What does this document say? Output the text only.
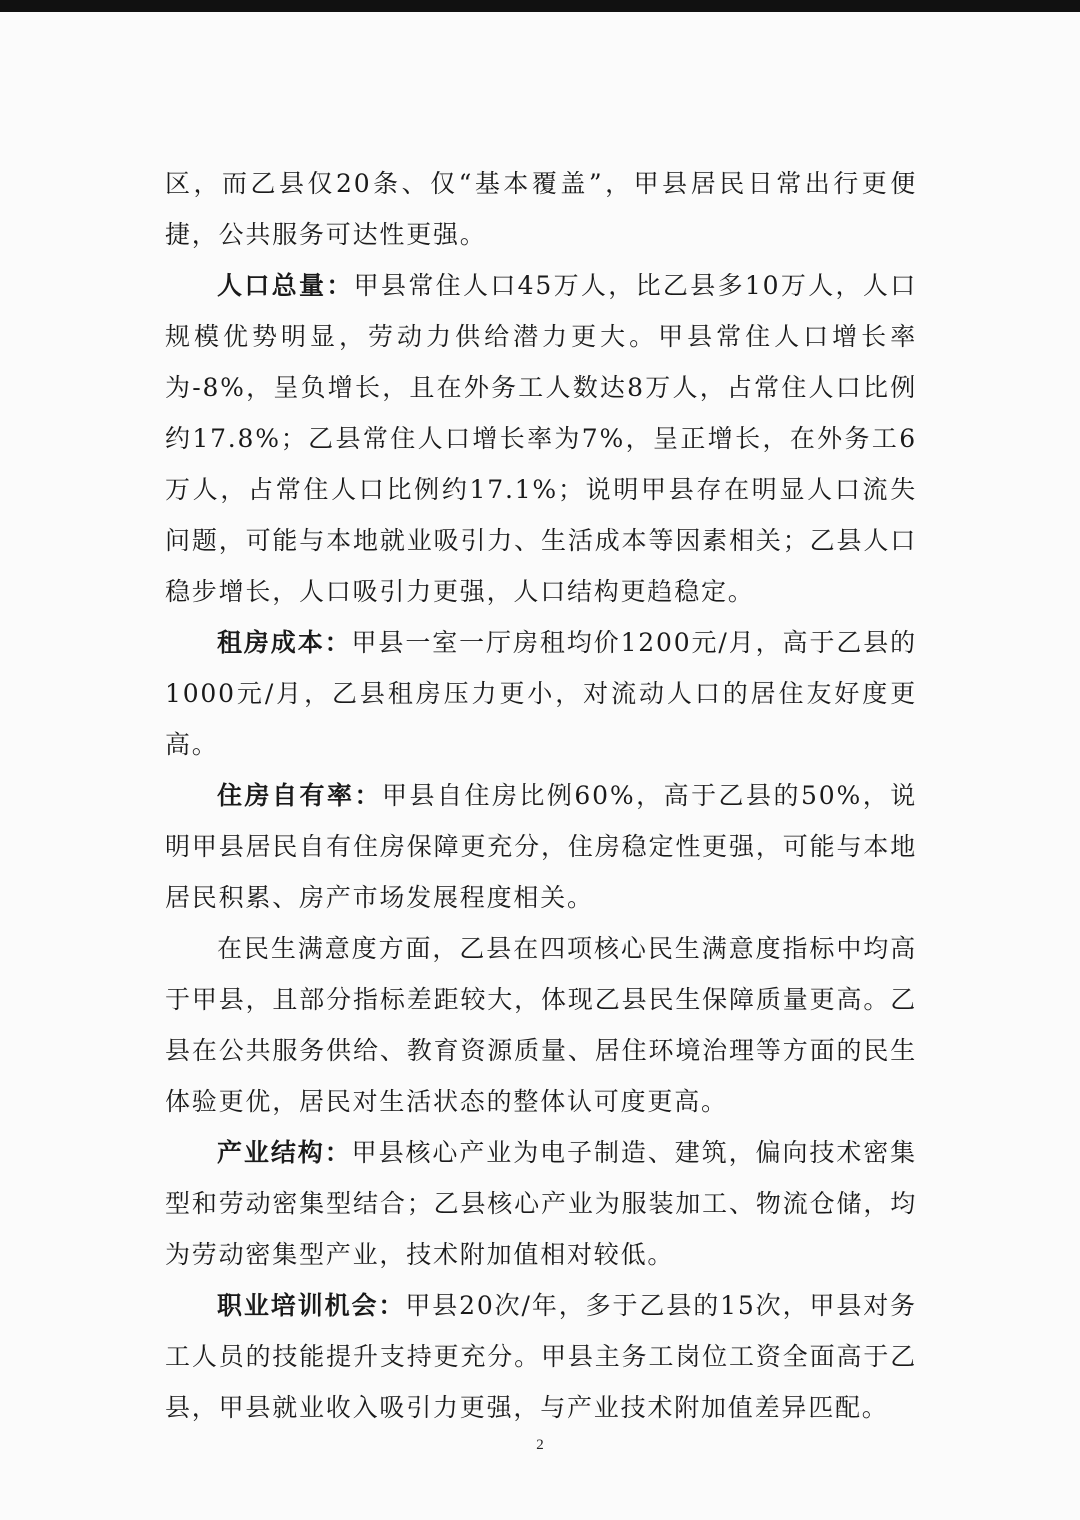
区，而乙县仅20条、仅“基本覆盖”，甲县居民日常出行更便捷，公共服务可达性更强。

人口总量：甲县常住人口45万人，比乙县多10万人，人口规模优势明显，劳动力供给潜力更大。甲县常住人口增长率为-8%，呈负增长，且在外务工人数达8万人，占常住人口比例约17.8%；乙县常住人口增长率为7%，呈正增长，在外务工6万人，占常住人口比例约17.1%；说明甲县存在明显人口流失问题，可能与本地就业吸引力、生活成本等因素相关；乙县人口稳步增长，人口吸引力更强，人口结构更趋稳定。

租房成本：甲县一室一厅房租均价1200元/月，高于乙县的1000元/月，乙县租房压力更小，对流动人口的居住友好度更高。

住房自有率：甲县自住房比例60%，高于乙县的50%，说明甲县居民自有住房保障更充分，住房稳定性更强，可能与本地居民积累、房产市场发展程度相关。

在民生满意度方面，乙县在四项核心民生满意度指标中均高于甲县，且部分指标差距较大，体现乙县民生保障质量更高。乙县在公共服务供给、教育资源质量、居住环境治理等方面的民生体验更优，居民对生活状态的整体认可度更高。

产业结构：甲县核心产业为电子制造、建筑，偏向技术密集型和劳动密集型结合；乙县核心产业为服装加工、物流仓储，均为劳动密集型产业，技术附加值相对较低。

职业培训机会：甲县20次/年，多于乙县的15次，甲县对务工人员的技能提升支持更充分。甲县主务工岗位工资全面高于乙县，甲县就业收入吸引力更强，与产业技术附加值差异匹配。

2
